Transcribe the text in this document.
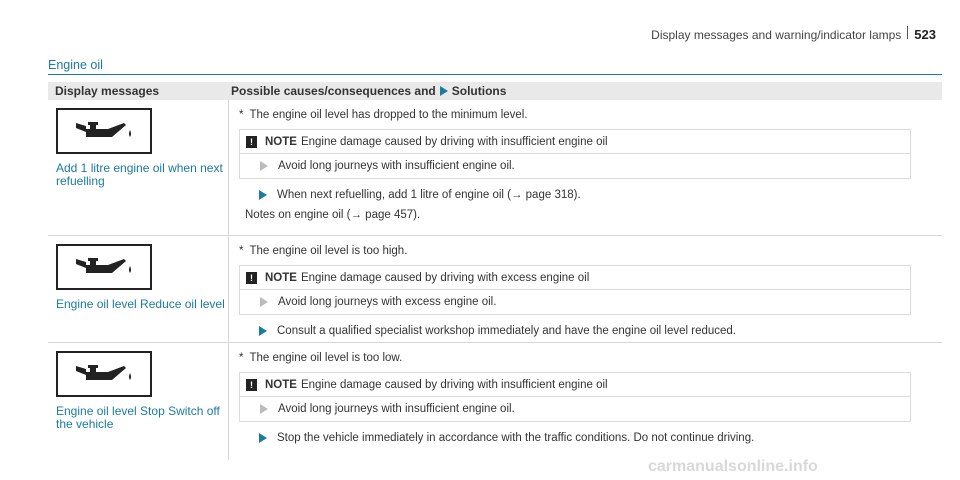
Display messages and warning/indicator lamps 523
Engine oil
Display messages	Possible causes/consequences and Solutions
Add 1 litre engine oil when next refuelling
* The engine oil level has dropped to the minimum level.
!	NOTE Engine damage caused by driving with insufficient engine oil
Avoid long journeys with insufficient engine oil.
When next refuelling, add 1 litre of engine oil (→ page 318).
Notes on engine oil (→ page 457).
Engine oil level Reduce oil level
* The engine oil level is too high.
!	NOTE Engine damage caused by driving with excess engine oil
Avoid long journeys with excess engine oil.
Consult a qualified specialist workshop immediately and have the engine oil level reduced.
Engine oil level Stop Switch off the vehicle
* The engine oil level is too low.
!	NOTE Engine damage caused by driving with insufficient engine oil
Avoid long journeys with insufficient engine oil.
Stop the vehicle immediately in accordance with the traffic conditions. Do not continue driving.
carmanualsonline.info
